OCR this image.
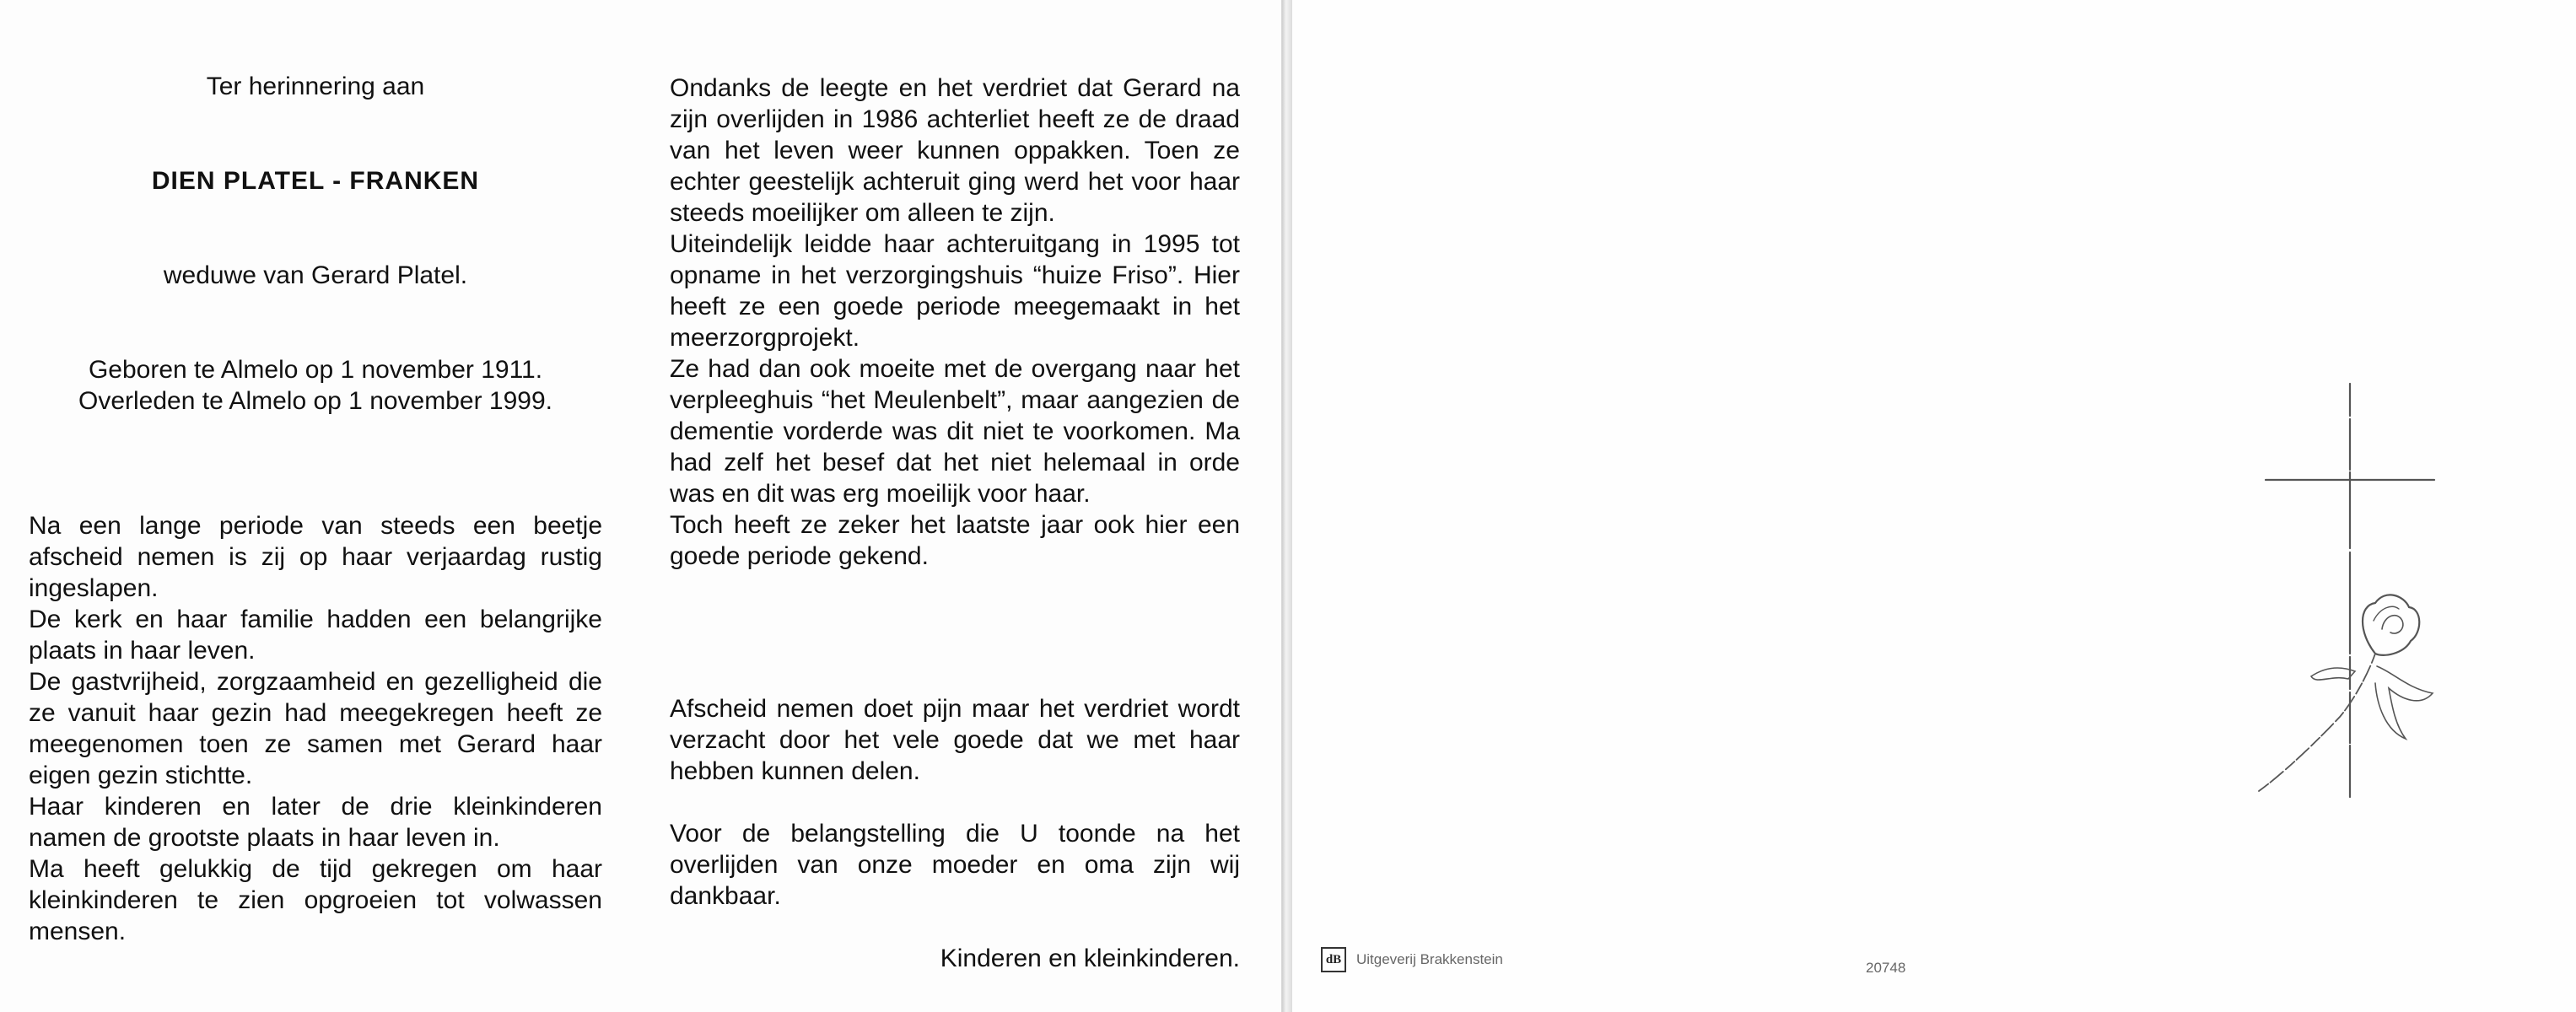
Ter herinnering aan
DIEN PLATEL - FRANKEN
weduwe van Gerard Platel.
Geboren te Almelo op 1 november 1911.
Overleden te Almelo op 1 november 1999.

Na een lange periode van steeds een beetje afscheid nemen is zij op haar verjaardag rustig ingeslapen.

De kerk en haar familie hadden een belangrijke plaats in haar leven.

De gastvrijheid, zorgzaamheid en gezelligheid die ze vanuit haar gezin had meegekregen heeft ze meegenomen toen ze samen met Gerard haar eigen gezin stichtte.

Haar kinderen en later de drie kleinkinderen namen de grootste plaats in haar leven in.

Ma heeft gelukkig de tijd gekregen om haar kleinkinderen te zien opgroeien tot volwassen mensen.

Ondanks de leegte en het verdriet dat Gerard na zijn overlijden in 1986 achterliet heeft ze de draad van het leven weer kunnen oppakken. Toen ze echter geestelijk achteruit ging werd het voor haar steeds moeilijker om alleen te zijn.

Uiteindelijk leidde haar achteruitgang in 1995 tot opname in het verzorgingshuis “huize Friso”. Hier heeft ze een goede periode meegemaakt in het meerzorgprojekt.

Ze had dan ook moeite met de overgang naar het verpleeghuis “het Meulenbelt”, maar aangezien de dementie vorderde was dit niet te voorkomen. Ma had zelf het besef dat het niet helemaal in orde was en dit was erg moeilijk voor haar.

Toch heeft ze zeker het laatste jaar ook hier een goede periode gekend.

Afscheid nemen doet pijn maar het verdriet wordt verzacht door het vele goede dat we met haar hebben kunnen delen.

Voor de belangstelling die U toonde na het overlijden van onze moeder en oma zijn wij dankbaar.

Kinderen en kleinkinderen.	dB	Uitgeverij Brakkenstein
20748
